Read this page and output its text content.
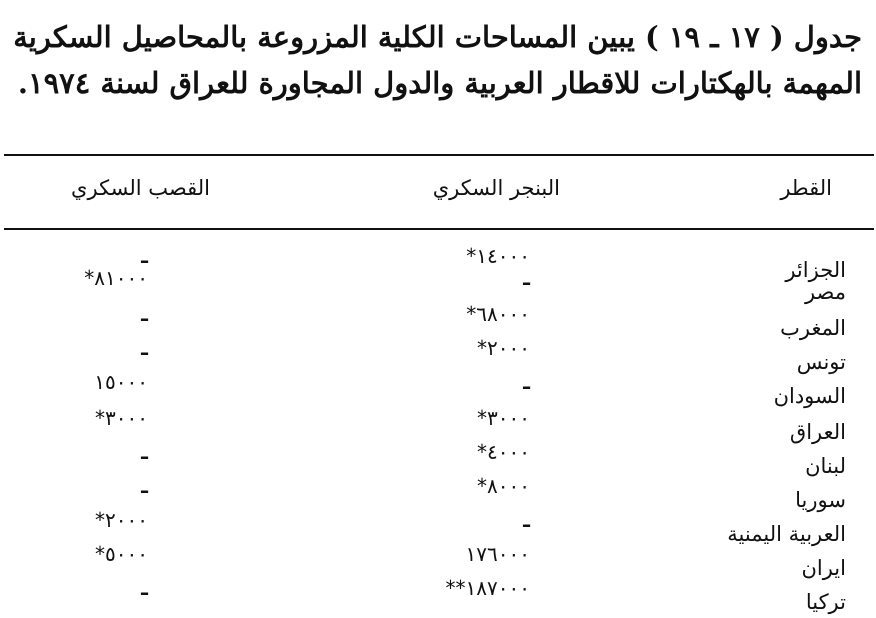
جدول ( ١٧ ـ ١٩ ) يبين المساحات الكلية المزروعة بالمحاصيل السكرية
المهمة بالهكتارات للاقطار العربية والدول المجاورة للعراق لسنة ١٩٧٤.
القطر
البنجر السكري
القصب السكري
الجزائر
١٤٠٠٠*
ـ
مصر
ـ
٨١٠٠٠*
المغرب
٦٨٠٠٠*
ـ
تونس
٢٠٠٠*
ـ
السودان
ـ
١٥٠٠٠
العراق
٣٠٠٠*
٣٠٠٠*
لبنان
٤٠٠٠*
ـ
سوريا
٨٠٠٠*
ـ
العربية اليمنية
ـ
٢٠٠٠*
ايران
١٧٦٠٠٠
٥٠٠٠*
تركيا
١٨٧٠٠٠**
ـ
